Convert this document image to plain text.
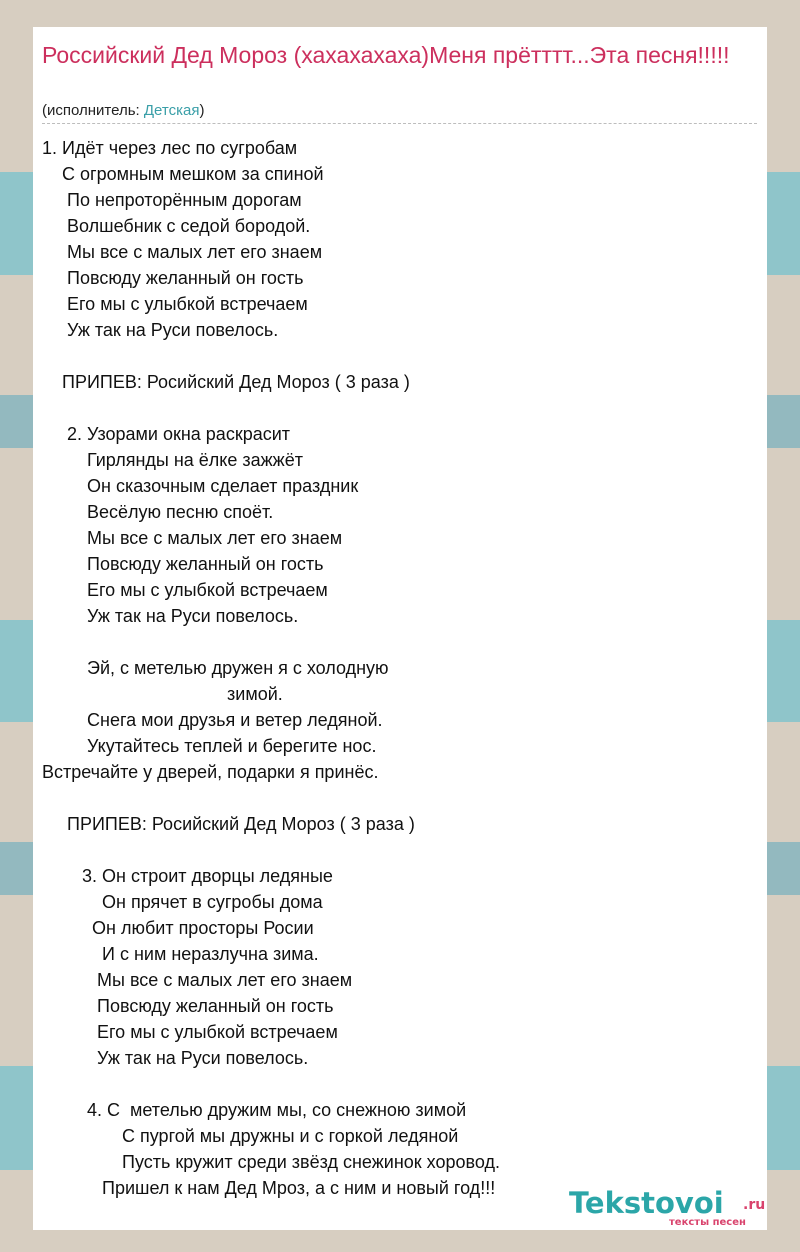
Российский Дед Мороз (хахахахаха)Меня прётттт...Эта песня!!!!!
(исполнитель: Детская)
1. Идёт через лес по сугробам
С огромным мешком за спиной
По непротоpённым доpогам
Волшебник с седой бородой.
Мы все с малых лет его знаем
Повсюду желанный он гость
Его мы с улыбкой встречаем
Уж так на Руси повелось.

ПРИПЕВ: Росийский Дед Мороз ( 3 раза )

2. Узорами окна раскрасит
Гирлянды на ёлке зажжёт
Он сказочным сделает праздник
Весёлую песню споёт.
Мы все с малых лет его знаем
Повсюду желанный он гость
Его мы с улыбкой встречаем
Уж так на Руси повелось.

Эй, с метелью дружен я с холодную
зимой.
Снега мои друзья и ветер ледяной.
Укутайтесь теплей и берегите нос.
Встречайте у дверей, подарки я принёс.

ПРИПЕВ: Росийский Дед Мороз ( 3 раза )

3. Он строит дворцы ледяные
Он прячет в сугробы дома
Он любит просторы Росии
И с ним неразлучна зима.
Мы все с малых лет его знаем
Повсюду желанный он гость
Его мы с улыбкой встречаем
Уж так на Руси повелось.

4. С  метелью дружим мы, со снежною зимой
С пургой мы дружны и с горкой ледяной
Пусть кружит среди звёзд снежинок хоровод.
Пришел к нам Дед Мроз, а с ним и новый год!!!	Tekstovoi .ru
тексты песен
